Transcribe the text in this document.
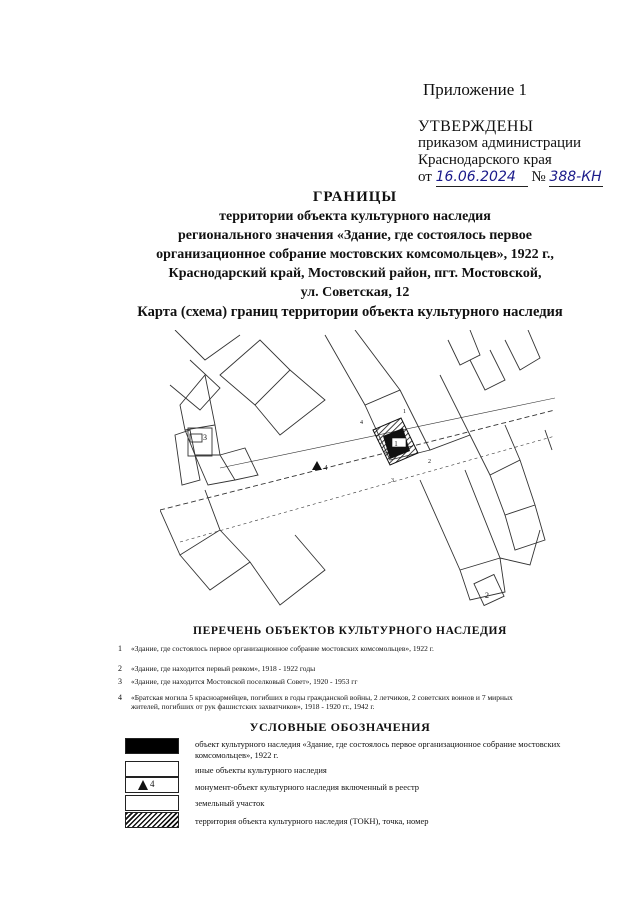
Приложение 1
УТВЕРЖДЕНЫ
приказом администрации
Краснодарского края
от 16.06.2024 № 388-КН
ГРАНИЦЫ
территории объекта культурного наследия
регионального значения «Здание, где состоялось первое
организационное собрание мостовских комсомольцев», 1922 г.,
Краснодарский край, Мостовский район, пгт. Мостовской,
ул. Советская, 12
Карта (схема) границ территории объекта культурного наследия
1
2
3
4
1
2
3
4
ПЕРЕЧЕНЬ ОБЪЕКТОВ КУЛЬТУРНОГО НАСЛЕДИЯ
1 «Здание, где состоялось первое организационное собрание мостовских комсомольцев», 1922 г.
2 «Здание, где находится первый ревком», 1918 - 1922 годы
3 «Здание, где находится Мостовской поселковый Совет», 1920 - 1953 гг
4 «Братская могила 5 красноармейцев, погибших в годы гражданской войны, 2 летчиков, 2 советских воинов и 7 мирных жителей, погибших от рук фашистских захватчиков», 1918 - 1920 гг., 1942 г.
УСЛОВНЫЕ ОБОЗНАЧЕНИЯ
объект культурного наследия «Здание, где состоялось первое организационное собрание мостовских комсомольцев», 1922 г.
иные объекты культурного наследия
4	монумент-объект культурного наследия включенный в реестр
земельный участок
территория объекта культурного наследия (ТОКН), точка, номер
